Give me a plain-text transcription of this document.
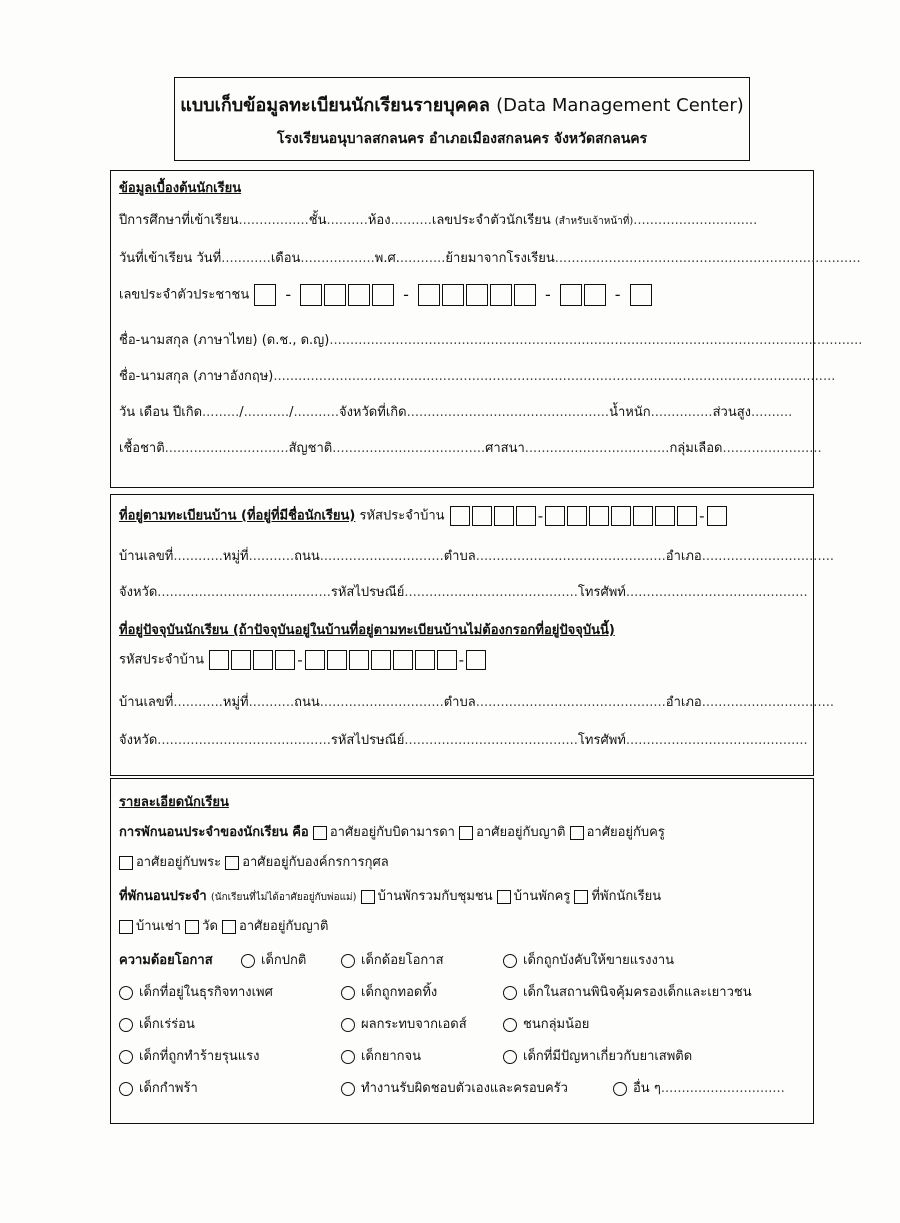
แบบเก็บข้อมูลทะเบียนนักเรียนรายบุคคล (Data Management Center)
โรงเรียนอนุบาลสกลนคร อำเภอเมืองสกลนคร จังหวัดสกลนคร
ข้อมูลเบื้องต้นนักเรียน
ปีการศึกษาที่เข้าเรียน.................ชั้น..........ห้อง..........เลขประจำตัวนักเรียน (สำหรับเจ้าหน้าที่)..............................
วันที่เข้าเรียน วันที่............เดือน..................พ.ศ............ย้ายมาจากโรงเรียน..........................................................................
เลขประจำตัวประชาชน -	-	-	-
ชื่อ-นามสกุล (ภาษาไทย) (ด.ช., ด.ญ).................................................................................................................................
ชื่อ-นามสกุล (ภาษาอังกฤษ)........................................................................................................................................
วัน เดือน ปีเกิด........./.........../...........จังหวัดที่เกิด.................................................น้ำหนัก...............ส่วนสูง..........
เชื้อชาติ..............................สัญชาติ.....................................ศาสนา...................................กลุ่มเลือด........................
ที่อยู่ตามทะเบียนบ้าน (ที่อยู่ที่มีชื่อนักเรียน) รหัสประจำบ้าน	-	-
บ้านเลขที่............หมู่ที่...........ถนน..............................ตำบล..............................................อำเภอ................................
จังหวัด..........................................รหัสไปรษณีย์..........................................โทรศัพท์............................................
ที่อยู่ปัจจุบันนักเรียน (ถ้าปัจจุบันอยู่ในบ้านที่อยู่ตามทะเบียนบ้านไม่ต้องกรอกที่อยู่ปัจจุบันนี้)
รหัสประจำบ้าน	-	-
บ้านเลขที่............หมู่ที่...........ถนน..............................ตำบล..............................................อำเภอ................................
จังหวัด..........................................รหัสไปรษณีย์..........................................โทรศัพท์............................................
รายละเอียดนักเรียน
การพักนอนประจำของนักเรียน คือ อาศัยอยู่กับบิดามารดา อาศัยอยู่กับญาติ อาศัยอยู่กับครู
อาศัยอยู่กับพระ อาศัยอยู่กับองค์กรการกุศล
ที่พักนอนประจำ (นักเรียนที่ไม่ได้อาศัยอยู่กับพ่อแม่) บ้านพักรวมกับชุมชน บ้านพักครู ที่พักนักเรียน
บ้านเช่า วัด อาศัยอยู่กับญาติ
ความด้อยโอกาส	เด็กปกติ	เด็กด้อยโอกาส	เด็กถูกบังคับให้ขายแรงงาน
เด็กที่อยู่ในธุรกิจทางเพศ	เด็กถูกทอดทิ้ง	เด็กในสถานพินิจคุ้มครองเด็กและเยาวชน
เด็กเร่ร่อน	ผลกระทบจากเอดส์	ชนกลุ่มน้อย
เด็กที่ถูกทำร้ายรุนแรง	เด็กยากจน	เด็กที่มีปัญหาเกี่ยวกับยาเสพติด
เด็กกำพร้า	ทำงานรับผิดชอบตัวเองและครอบครัว	อื่น ๆ..............................
